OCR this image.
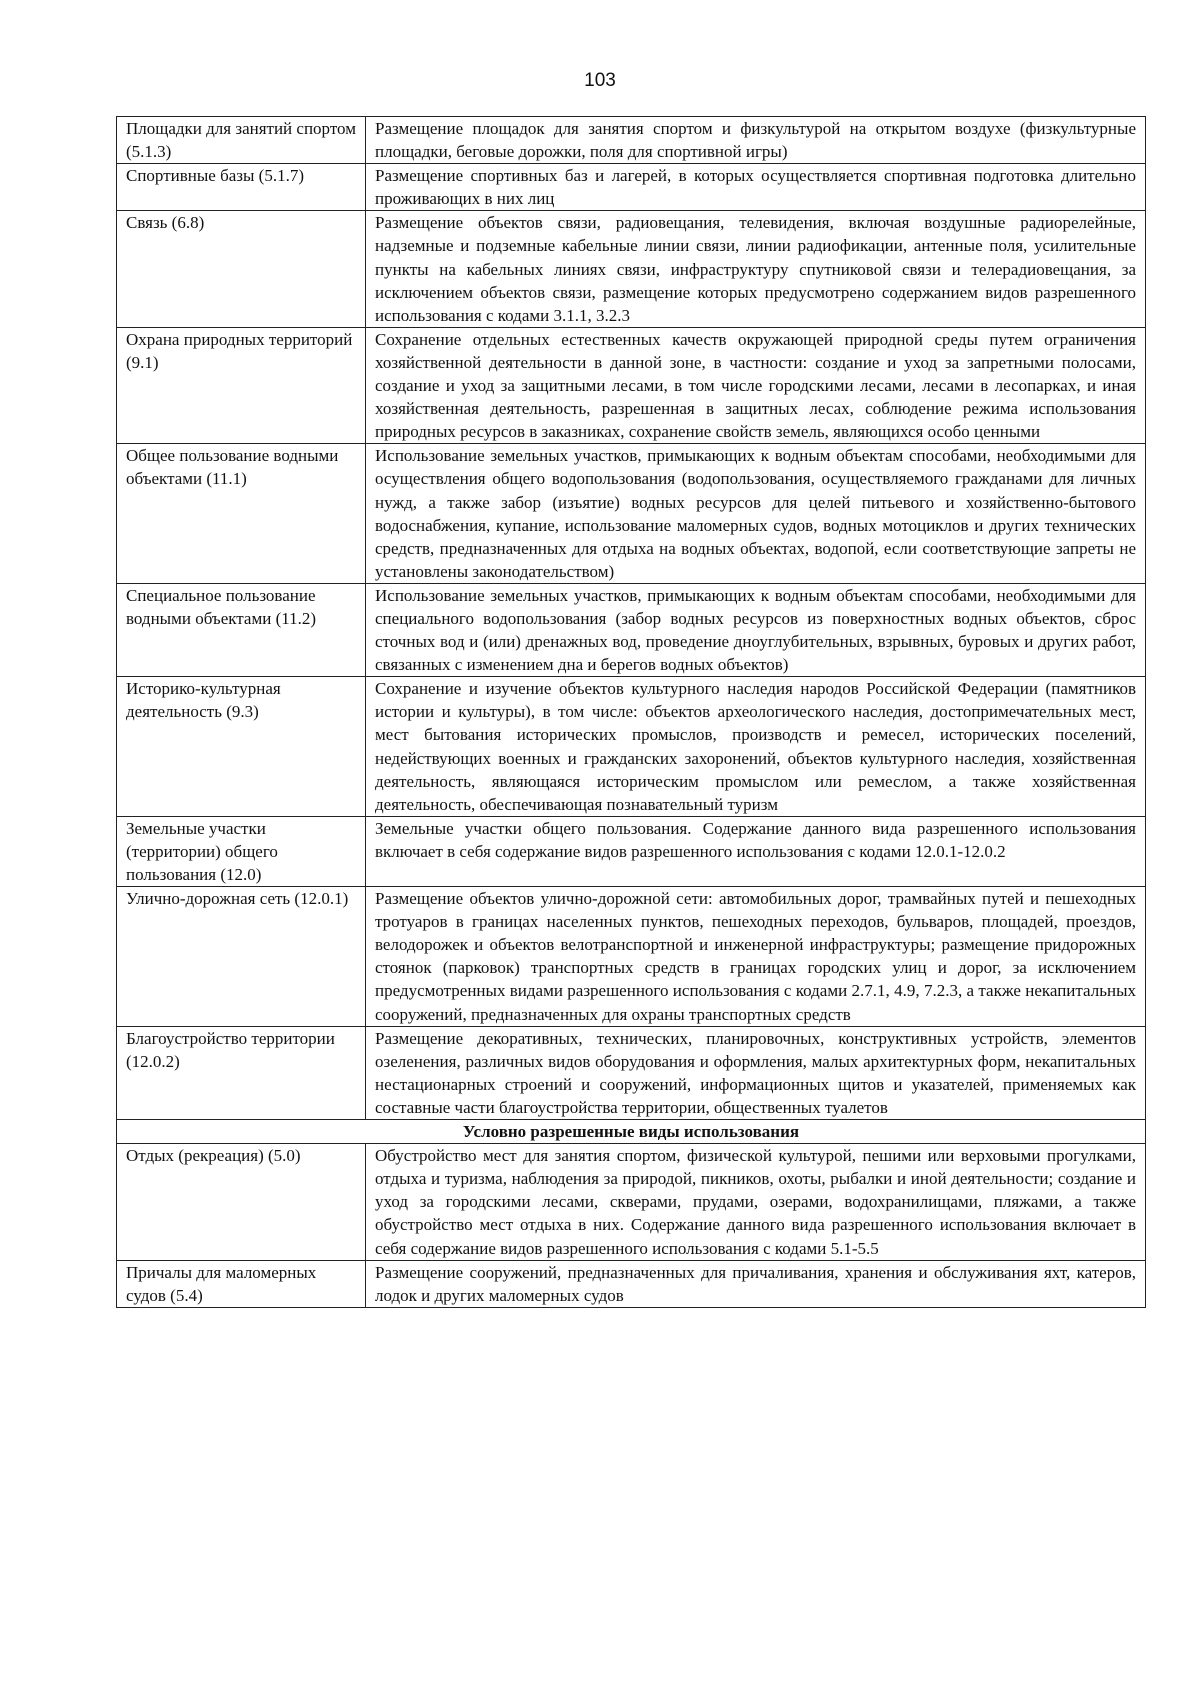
103
Площадки для занятий спортом (5.1.3)	Размещение площадок для занятия спортом и физкультурой на открытом воздухе (физкультурные площадки, беговые дорожки, поля для спортивной игры)
Спортивные базы (5.1.7)	Размещение спортивных баз и лагерей, в которых осуществляется спортивная подготовка длительно проживающих в них лиц
Связь (6.8)	Размещение объектов связи, радиовещания, телевидения, включая воздушные радиорелейные, надземные и подземные кабельные линии связи, линии радиофикации, антенные поля, усилительные пункты на кабельных линиях связи, инфраструктуру спутниковой связи и телерадиовещания, за исключением объектов связи, размещение которых предусмотрено содержанием видов разрешенного использования с кодами 3.1.1, 3.2.3
Охрана природных территорий (9.1)	Сохранение отдельных естественных качеств окружающей природной среды путем ограничения хозяйственной деятельности в данной зоне, в частности: создание и уход за запретными полосами, создание и уход за защитными лесами, в том числе городскими лесами, лесами в лесопарках, и иная хозяйственная деятельность, разрешенная в защитных лесах, соблюдение режима использования природных ресурсов в заказниках, сохранение свойств земель, являющихся особо ценными
Общее пользование водными объектами (11.1)	Использование земельных участков, примыкающих к водным объектам способами, необходимыми для осуществления общего водопользования (водопользования, осуществляемого гражданами для личных нужд, а также забор (изъятие) водных ресурсов для целей питьевого и хозяйственно-бытового водоснабжения, купание, использование маломерных судов, водных мотоциклов и других технических средств, предназначенных для отдыха на водных объектах, водопой, если соответствующие запреты не установлены законодательством)
Специальное пользование водными объектами (11.2)	Использование земельных участков, примыкающих к водным объектам способами, необходимыми для специального водопользования (забор водных ресурсов из поверхностных водных объектов, сброс сточных вод и (или) дренажных вод, проведение дноуглубительных, взрывных, буровых и других работ, связанных с изменением дна и берегов водных объектов)
Историко-культурная деятельность (9.3)	Сохранение и изучение объектов культурного наследия народов Российской Федерации (памятников истории и культуры), в том числе: объектов археологического наследия, достопримечательных мест, мест бытования исторических промыслов, производств и ремесел, исторических поселений, недействующих военных и гражданских захоронений, объектов культурного наследия, хозяйственная деятельность, являющаяся историческим промыслом или ремеслом, а также хозяйственная деятельность, обеспечивающая познавательный туризм
Земельные участки (территории) общего пользования (12.0)	Земельные участки общего пользования. Содержание данного вида разрешенного использования включает в себя содержание видов разрешенного использования с кодами 12.0.1-12.0.2
Улично-дорожная сеть (12.0.1)	Размещение объектов улично-дорожной сети: автомобильных дорог, трамвайных путей и пешеходных тротуаров в границах населенных пунктов, пешеходных переходов, бульваров, площадей, проездов, велодорожек и объектов велотранспортной и инженерной инфраструктуры; размещение придорожных стоянок (парковок) транспортных средств в границах городских улиц и дорог, за исключением предусмотренных видами разрешенного использования с кодами 2.7.1, 4.9, 7.2.3, а также некапитальных сооружений, предназначенных для охраны транспортных средств
Благоустройство территории (12.0.2)	Размещение декоративных, технических, планировочных, конструктивных устройств, элементов озеленения, различных видов оборудования и оформления, малых архитектурных форм, некапитальных нестационарных строений и сооружений, информационных щитов и указателей, применяемых как составные части благоустройства территории, общественных туалетов
Условно разрешенные виды использования	
Отдых (рекреация) (5.0)	Обустройство мест для занятия спортом, физической культурой, пешими или верховыми прогулками, отдыха и туризма, наблюдения за природой, пикников, охоты, рыбалки и иной деятельности; создание и уход за городскими лесами, скверами, прудами, озерами, водохранилищами, пляжами, а также обустройство мест отдыха в них. Содержание данного вида разрешенного использования включает в себя содержание видов разрешенного использования с кодами 5.1-5.5
Причалы для маломерных судов (5.4)	Размещение сооружений, предназначенных для причаливания, хранения и обслуживания яхт, катеров, лодок и других маломерных судов
